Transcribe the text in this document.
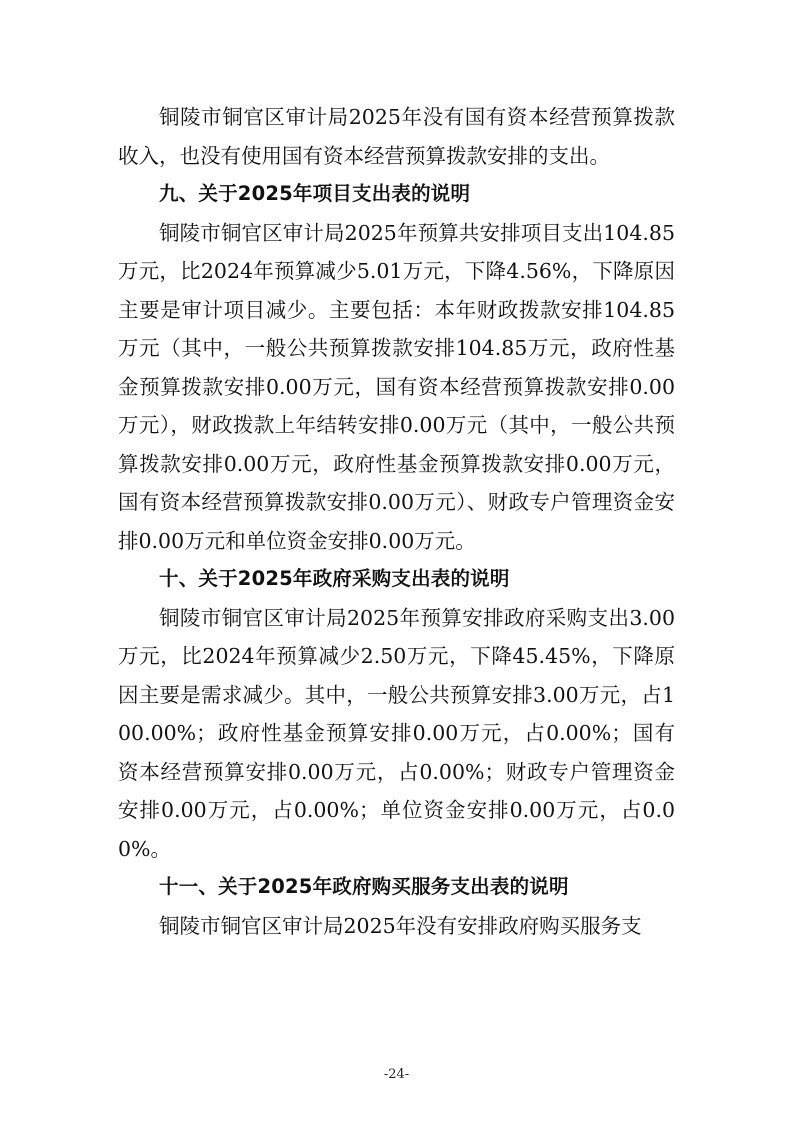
铜陵市铜官区审计局2025年没有国有资本经营预算拨款收入，也没有使用国有资本经营预算拨款安排的支出。

九、关于2025年项目支出表的说明

铜陵市铜官区审计局2025年预算共安排项目支出104.85万元，比2024年预算减少5.01万元，下降4.56%，下降原因主要是审计项目减少。主要包括：本年财政拨款安排104.85万元（其中，一般公共预算拨款安排104.85万元，政府性基金预算拨款安排0.00万元，国有资本经营预算拨款安排0.00万元），财政拨款上年结转安排0.00万元（其中，一般公共预算拨款安排0.00万元，政府性基金预算拨款安排0.00万元，国有资本经营预算拨款安排0.00万元）、财政专户管理资金安排0.00万元和单位资金安排0.00万元。

十、关于2025年政府采购支出表的说明

铜陵市铜官区审计局2025年预算安排政府采购支出3.00万元，比2024年预算减少2.50万元，下降45.45%，下降原因主要是需求减少。其中，一般公共预算安排3.00万元，占100.00%；政府性基金预算安排0.00万元，占0.00%；国有资本经营预算安排0.00万元，占0.00%；财政专户管理资金安排0.00万元，占0.00%；单位资金安排0.00万元，占0.00%。

十一、关于2025年政府购买服务支出表的说明

铜陵市铜官区审计局2025年没有安排政府购买服务支

-24-
